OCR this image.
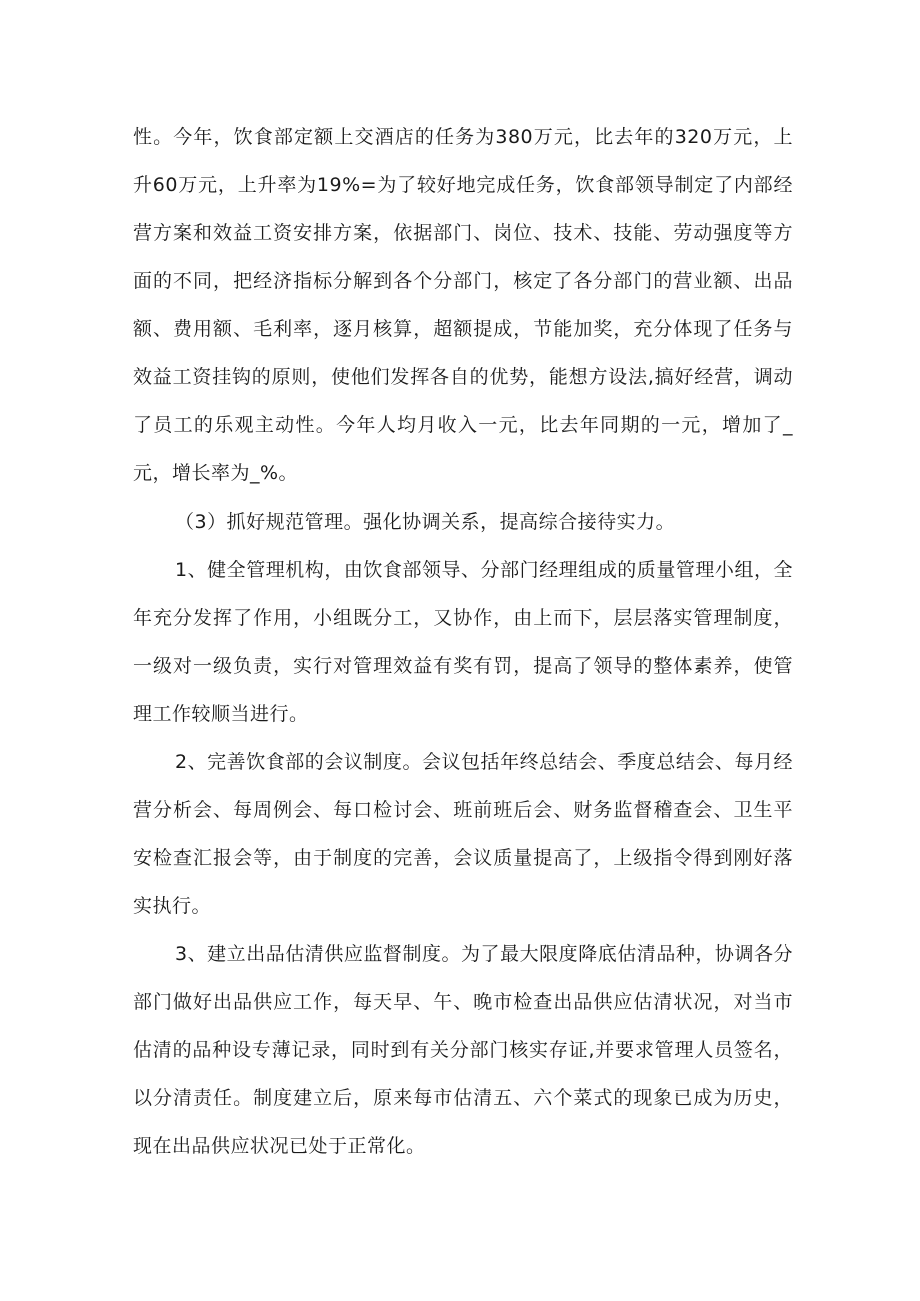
性。今年，饮食部定额上交酒店的任务为380万元，比去年的320万元，上升60万元，上升率为19%=为了较好地完成任务，饮食部领导制定了内部经营方案和效益工资安排方案，依据部门、岗位、技术、技能、劳动强度等方面的不同，把经济指标分解到各个分部门，核定了各分部门的营业额、出品额、费用额、毛利率，逐月核算，超额提成，节能加奖，充分体现了任务与效益工资挂钩的原则，使他们发挥各自的优势，能想方设法,搞好经营，调动了员工的乐观主动性。今年人均月收入一元，比去年同期的一元，增加了_元，增长率为_%。

（3）抓好规范管理。强化协调关系，提高综合接待实力。

1、健全管理机构，由饮食部领导、分部门经理组成的质量管理小组，全年充分发挥了作用，小组既分工，又协作，由上而下，层层落实管理制度，一级对一级负责，实行对管理效益有奖有罚，提高了领导的整体素养，使管理工作较顺当进行。

2、完善饮食部的会议制度。会议包括年终总结会、季度总结会、每月经营分析会、每周例会、每口检讨会、班前班后会、财务监督稽查会、卫生平安检查汇报会等，由于制度的完善，会议质量提高了，上级指令得到刚好落实执行。

3、建立出品估清供应监督制度。为了最大限度降底估清品种，协调各分部门做好出品供应工作，每天早、午、晚市检查出品供应估清状况，对当市估清的品种设专薄记录，同时到有关分部门核实存证,并要求管理人员签名，以分清责任。制度建立后，原来每市估清五、六个菜式的现象已成为历史，现在出品供应状况已处于正常化。
